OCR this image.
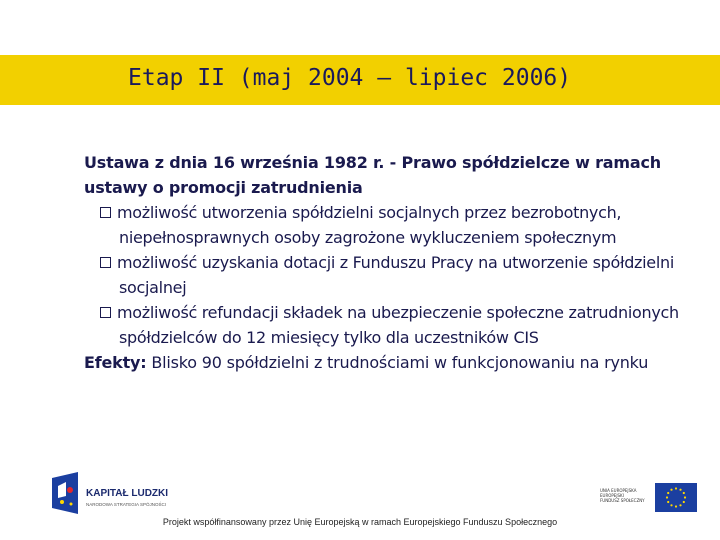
Etap II (maj 2004 – lipiec 2006)
Ustawa z dnia 16 września 1982 r. - Prawo spółdzielcze w ramach ustawy o promocji zatrudnienia
możliwość utworzenia spółdzielni socjalnych przez bezrobotnych, niepełnosprawnych osoby zagrożone wykluczeniem społecznym
możliwość uzyskania dotacji z Funduszu Pracy na utworzenie spółdzielni socjalnej
możliwość refundacji składek na ubezpieczenie społeczne zatrudnionych spółdzielców do 12 miesięcy tylko dla uczestników CIS
Efekty: Blisko 90 spółdzielni z trudnościami w funkcjonowaniu na rynku
KAPITAŁ LUDZKI
NARODOWA STRATEGIA SPÓJNOŚCI
UNIA EUROPEJSKA
EUROPEJSKI
FUNDUSZ SPOŁECZNY
Projekt współfinansowany przez Unię Europejską w ramach Europejskiego Funduszu Społecznego
